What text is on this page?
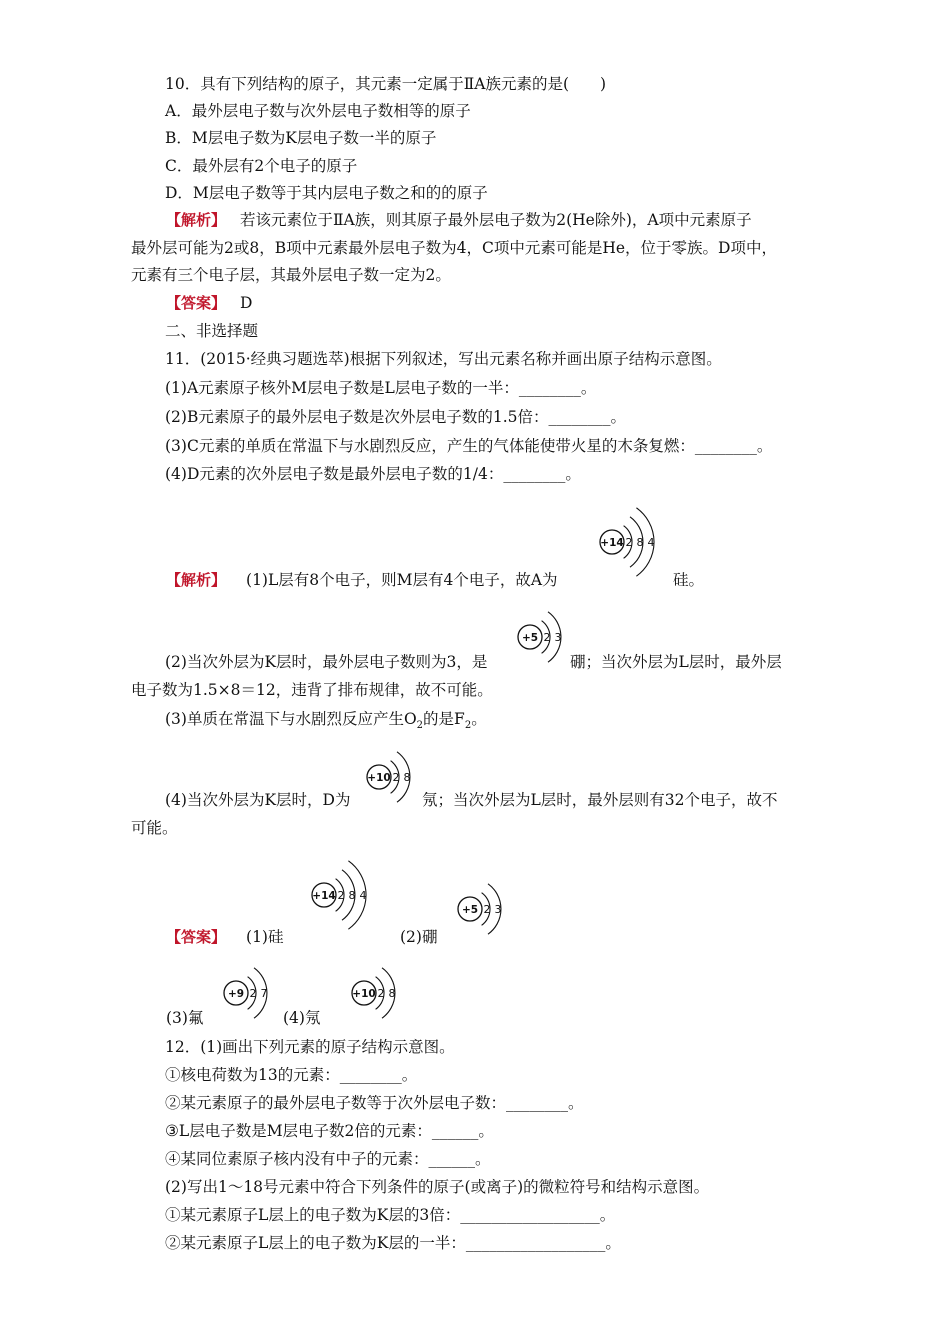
10．具有下列结构的原子，其元素一定属于ⅡA族元素的是(　　)
A．最外层电子数与次外层电子数相等的原子
B．M层电子数为K层电子数一半的原子
C．最外层有2个电子的原子
D．M层电子数等于其内层电子数之和的的原子
【解析】 若该元素位于ⅡA族，则其原子最外层电子数为2(He除外)，A项中元素原子
最外层可能为2或8，B项中元素最外层电子数为4，C项中元素可能是He，位于零族。D项中，
元素有三个电子层，其最外层电子数一定为2。
【答案】 D
二、非选择题
11．(2015·经典习题选萃)根据下列叙述，写出元素名称并画出原子结构示意图。
(1)A元素原子核外M层电子数是L层电子数的一半：________。
(2)B元素原子的最外层电子数是次外层电子数的1.5倍：________。
(3)C元素的单质在常温下与水剧烈反应，产生的气体能使带火星的木条复燃：________。
(4)D元素的次外层电子数是最外层电子数的1/4：________。
【解析】 (1)L层有8个电子，则M层有4个电子，故A为	硅。
(2)当次外层为K层时，最外层电子数则为3，是	硼；当次外层为L层时，最外层
电子数为1.5×8＝12，违背了排布规律，故不可能。
(3)单质在常温下与水剧烈反应产生$O_2$的是$F_2$。
(4)当次外层为K层时，D为	氖；当次外层为L层时，最外层则有32个电子，故不
可能。
【答案】 (1)硅	(2)硼
(3)氟	(4)氖
12．(1)画出下列元素的原子结构示意图。
①核电荷数为13的元素：________。
②某元素原子的最外层电子数等于次外层电子数：________。
③L层电子数是M层电子数2倍的元素：______。
④某同位素原子核内没有中子的元素：______。
(2)写出1～18号元素中符合下列条件的原子(或离子)的微粒符号和结构示意图。
①某元素原子L层上的电子数为K层的3倍：__________________。
②某元素原子L层上的电子数为K层的一半：__________________。
+14 2 8 4
+5 2 3
+10 2 8
+14 2 8 4
+5 2 3
+9 2 7	+10 2 8
